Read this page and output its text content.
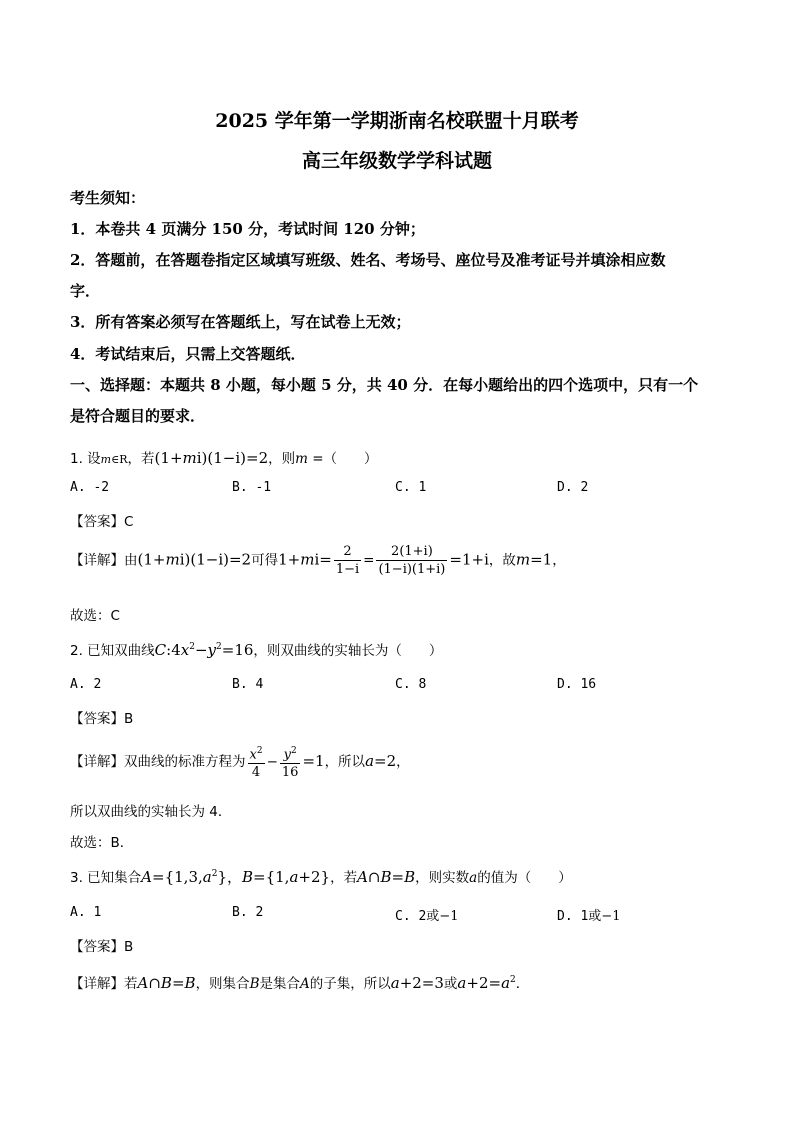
2025 学年第一学期浙南名校联盟十月联考
高三年级数学学科试题
考生须知：
1．本卷共 4 页满分 150 分，考试时间 120 分钟；
2．答题前，在答题卷指定区域填写班级、姓名、考场号、座位号及准考证号并填涂相应数
字．
3．所有答案必须写在答题纸上，写在试卷上无效；
4．考试结束后，只需上交答题纸．
一、选择题：本题共 8 小题，每小题 5 分，共 40 分．在每小题给出的四个选项中，只有一个
是符合题目的要求．
1. 设m∈R，若(1+mi)(1−i)=2，则m =（　　）
A. -2	B. -1	C. 1	D. 2
【答案】C
【详解】由(1+mi)(1−i)=2可得$1+mi= \frac{2}{1-i} = \frac{2(1+i)}{(1-i)(1+i)} =1+i$，故m=1，
故选：C
2. 已知双曲线$C:4x^2-y^2=16$，则双曲线的实轴长为（　　）
A. 2	B. 4	C. 8	D. 16
【答案】B
【详解】双曲线的标准方程为 $\frac{x^2}{4} - \frac{y^2}{16} =1$，所以a=2，
所以双曲线的实轴长为 4．
故选：B．
3. 已知集合$A=\{1,3,a^2\}$，B={1,a+2}，若A∩B=B，则实数a的值为（　　）
A. 1	B. 2	C. 2或−1	D. 1或−1
【答案】B
【详解】若A∩B=B，则集合B是集合A的子集，所以a+2=3或$a+2=a^2$．
